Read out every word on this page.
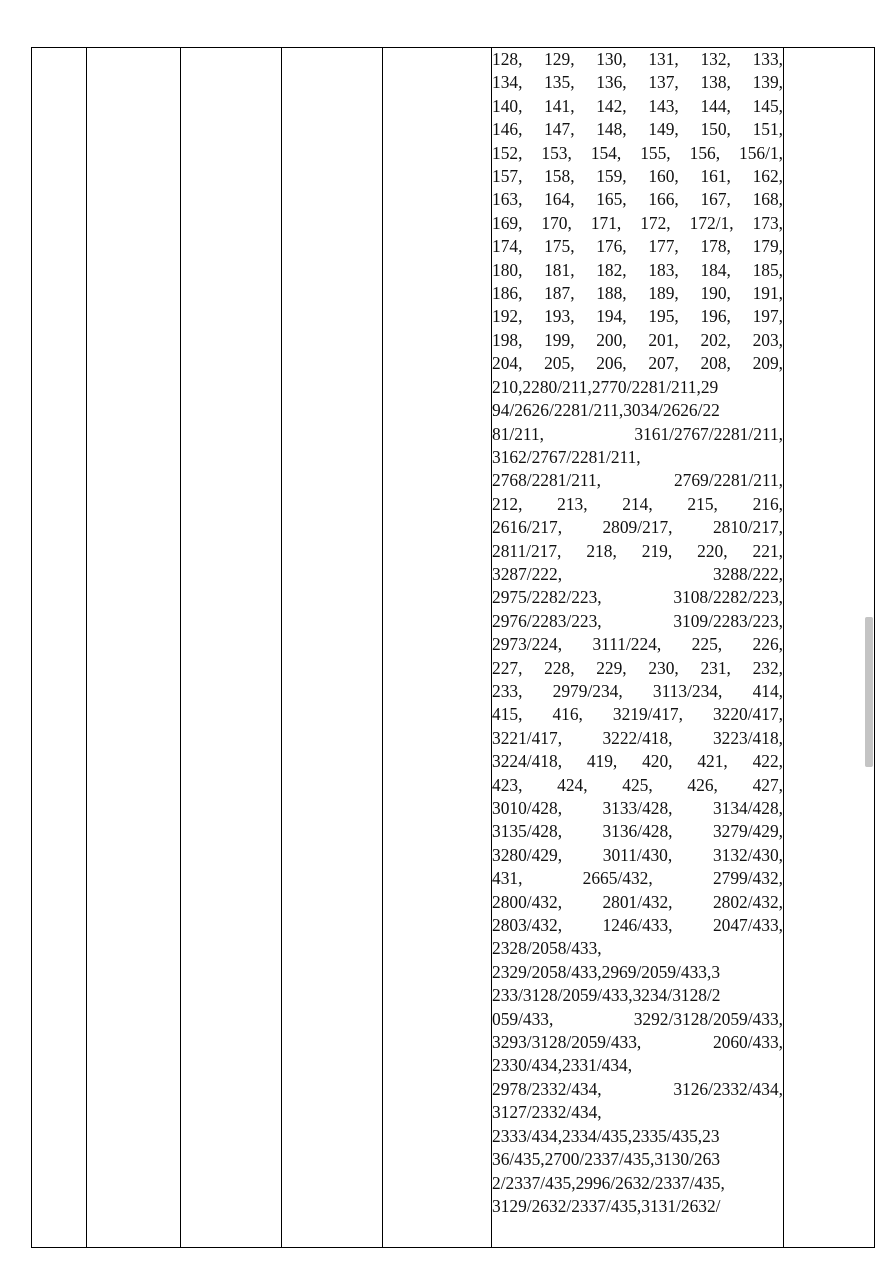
128, 129, 130, 131, 132, 133,
134, 135, 136, 137, 138, 139,
140, 141, 142, 143, 144, 145,
146, 147, 148, 149, 150, 151,
152, 153, 154, 155, 156, 156/1,
157, 158, 159, 160, 161, 162,
163, 164, 165, 166, 167, 168,
169, 170, 171, 172, 172/1, 173,
174, 175, 176, 177, 178, 179,
180, 181, 182, 183, 184, 185,
186, 187, 188, 189, 190, 191,
192, 193, 194, 195, 196, 197,
198, 199, 200, 201, 202, 203,
204, 205, 206, 207, 208, 209,
210,2280/211,2770/2281/211,29
94/2626/2281/211,3034/2626/22
81/211, 3161/2767/2281/211,
3162/2767/2281/211,
2768/2281/211, 2769/2281/211,
212, 213, 214, 215, 216,
2616/217, 2809/217, 2810/217,
2811/217, 218, 219, 220, 221,
3287/222, 3288/222,
2975/2282/223, 3108/2282/223,
2976/2283/223, 3109/2283/223,
2973/224, 3111/224, 225, 226,
227, 228, 229, 230, 231, 232,
233, 2979/234, 3113/234, 414,
415, 416, 3219/417, 3220/417,
3221/417, 3222/418, 3223/418,
3224/418, 419, 420, 421, 422,
423, 424, 425, 426, 427,
3010/428, 3133/428, 3134/428,
3135/428, 3136/428, 3279/429,
3280/429, 3011/430, 3132/430,
431, 2665/432, 2799/432,
2800/432, 2801/432, 2802/432,
2803/432, 1246/433, 2047/433,
2328/2058/433,
2329/2058/433,2969/2059/433,3
233/3128/2059/433,3234/3128/2
059/433, 3292/3128/2059/433,
3293/3128/2059/433, 2060/433,
2330/434,2331/434,
2978/2332/434, 3126/2332/434,
3127/2332/434,
2333/434,2334/435,2335/435,23
36/435,2700/2337/435,3130/263
2/2337/435,2996/2632/2337/435,
3129/2632/2337/435,3131/2632/
